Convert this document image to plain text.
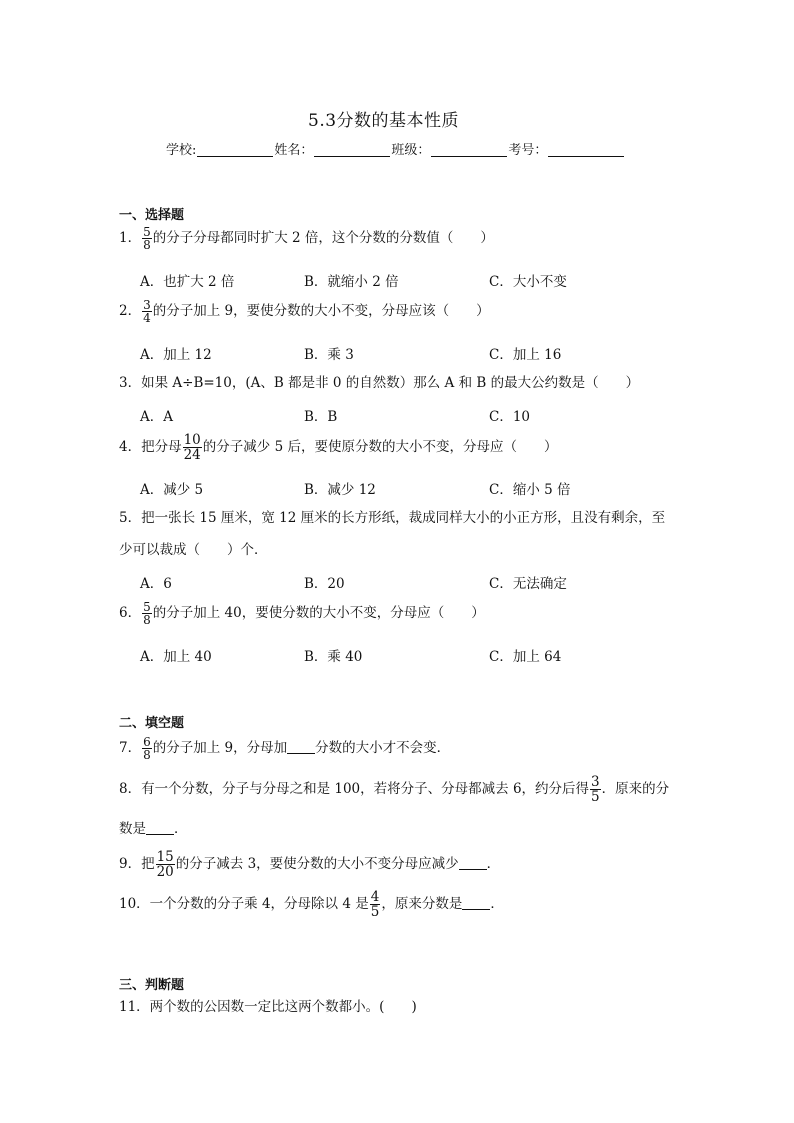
5.3分数的基本性质
学校:	姓名：	班级：	考号：
一、选择题
1． $\frac{5}{8}$ 的分子分母都同时扩大 2 倍，这个分数的分数值（　　）
A．也扩大 2 倍	B．就缩小 2 倍	C．大小不变
2． $\frac{3}{4}$ 的分子加上 9，要使分数的大小不变，分母应该（　　）
A．加上 12	B．乘 3	C．加上 16
3．如果 A÷B=10，(A、B 都是非 0 的自然数）那么 A 和 B 的最大公约数是（　　）
A．A	B．B	C．10
4．把分母 $\frac{10}{24}$ 的分子减少 5 后，要使原分数的大小不变，分母应（　　）
A．减少 5	B．减少 12	C．缩小 5 倍
5．把一张长 15 厘米，宽 12 厘米的长方形纸，裁成同样大小的小正方形，且没有剩余，至
少可以裁成（　　）个．
A．6	B．20	C．无法确定
6． $\frac{5}{8}$ 的分子加上 40，要使分数的大小不变，分母应（　　）
A．加上 40	B．乘 40	C．加上 64
二、填空题
7． $\frac{6}{8}$ 的分子加上 9，分母加 分数的大小才不会变．
8．有一个分数，分子与分母之和是 100，若将分子、分母都减去 6，约分后得 $\frac{3}{5}$ ．原来的分
数是 ．
9．把 $\frac{15}{20}$ 的分子减去 3，要使分数的大小不变分母应减少 ．
10．一个分数的分子乘 4，分母除以 4 是 $\frac{4}{5}$ ，原来分数是 ．
三、判断题
11．两个数的公因数一定比这两个数都小。(　　)
